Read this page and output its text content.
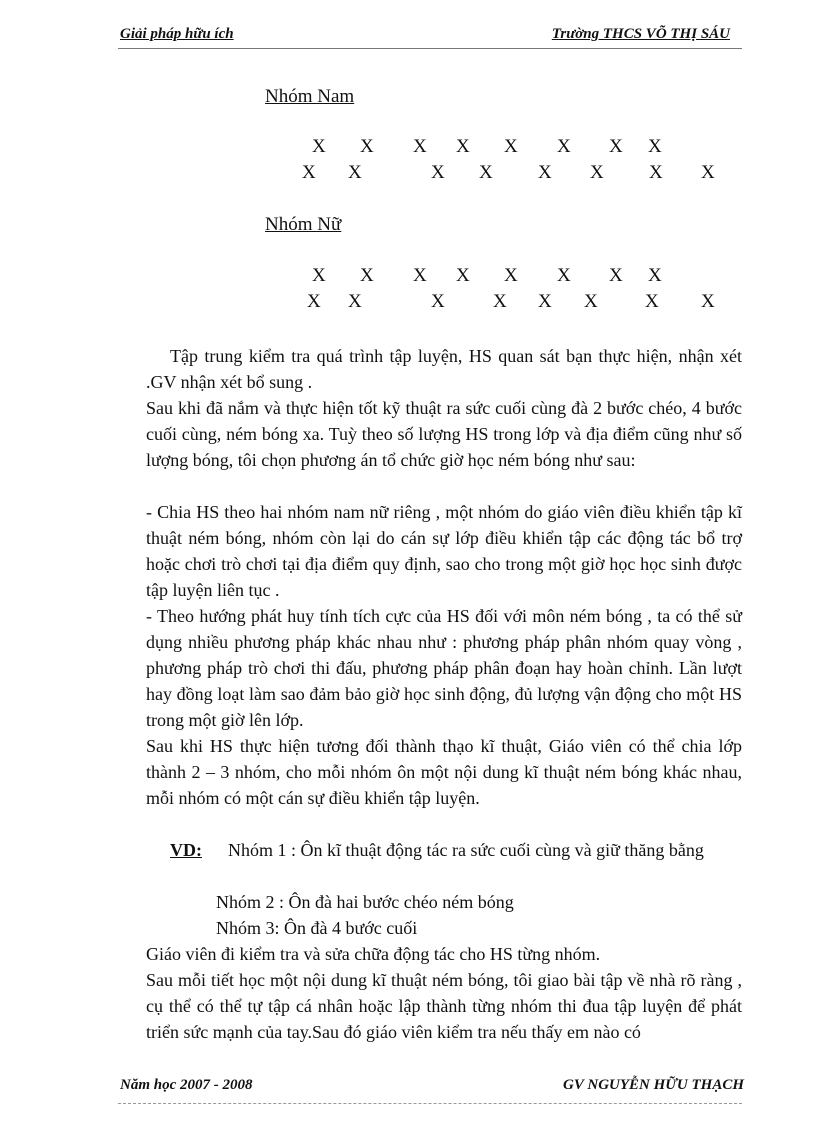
Giải pháp hữu ích	Trường THCS VÕ THỊ SÁU
Nhóm Nam
X X X X X X X X
X X	X X X X X X
Nhóm Nữ
X X X X X X X X
X X	X	X X X X X

Tập trung kiểm tra quá trình tập luyện, HS quan sát bạn thực hiện, nhận xét .GV nhận xét bổ sung .

Sau khi đã nắm và thực hiện tốt kỹ thuật ra sức cuối cùng đà 2 bước chéo, 4 bước cuối cùng, ném bóng xa. Tuỳ theo số lượng HS trong lớp và địa điểm cũng như số lượng bóng, tôi chọn phương án tổ chức giờ học ném bóng như sau:

- Chia HS theo hai nhóm nam nữ riêng , một nhóm do giáo viên điều khiển tập kĩ thuật ném bóng, nhóm còn lại do cán sự lớp điều khiển tập các động tác bổ trợ hoặc chơi trò chơi tại địa điểm quy định, sao cho trong một giờ học học sinh được tập luyện liên tục .

- Theo hướng phát huy tính tích cực của HS đối với môn ném bóng , ta có thể sử dụng nhiều phương pháp khác nhau như : phương pháp phân nhóm quay vòng , phương pháp trò chơi thi đấu, phương pháp phân đoạn hay hoàn chỉnh. Lần lượt hay đồng loạt làm sao đảm bảo giờ học sinh động, đủ lượng vận động cho một HS trong một giờ lên lớp.

Sau khi HS thực hiện tương đối thành thạo kĩ thuật, Giáo viên có thể chia lớp thành 2 – 3 nhóm, cho mỗi nhóm ôn một nội dung kĩ thuật ném bóng khác nhau, mỗi nhóm có một cán sự điều khiển tập luyện.

VD: Nhóm 1 : Ôn kĩ thuật động tác ra sức cuối cùng và giữ thăng bằng

Nhóm 2 : Ôn đà hai bước chéo ném bóng
Nhóm 3: Ôn đà 4 bước cuối
Giáo viên đi kiểm tra và sửa chữa động tác cho HS từng nhóm.

Sau mỗi tiết học một nội dung kĩ thuật ném bóng, tôi giao bài tập về nhà rõ ràng , cụ thể có thể tự tập cá nhân hoặc lập thành từng nhóm thi đua tập luyện để phát triển sức mạnh của tay.Sau đó giáo viên kiểm tra nếu thấy em nào có

Năm học 2007 - 2008	GV NGUYỄN HỮU THẠCH
